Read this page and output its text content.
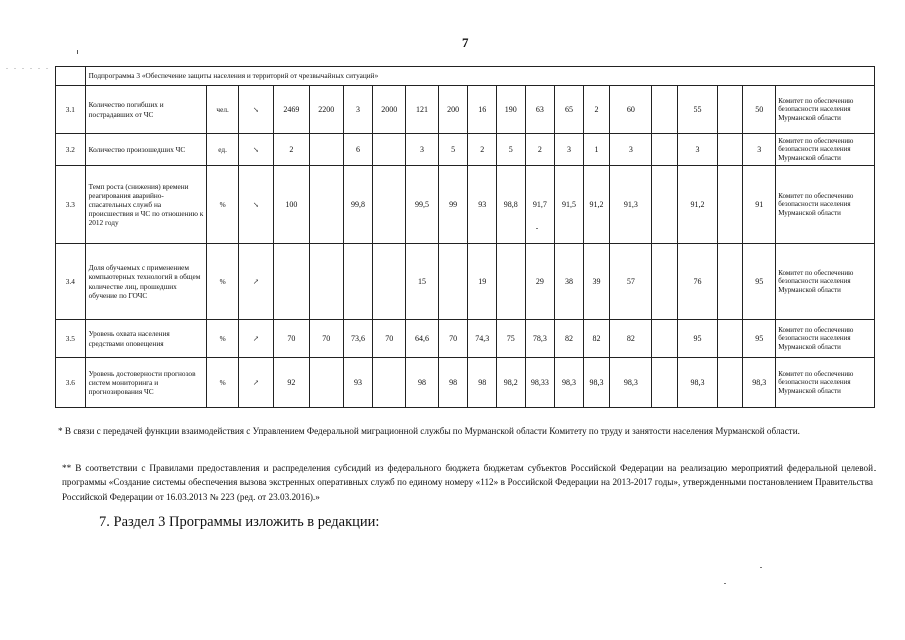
7
. . . . . .
	Подпрограмма 3 «Обеспечение защиты населения и территорий от чрезвычайных ситуаций»																			
3.1	Количество погибших и пострадавших от ЧС	чел.	↘	2469	2200	3	2000	121	200	16	190	63	65	2	60		55		50	Комитет по обеспечению безопасности населения Мурманской области
3.2	Количество произошедших ЧС	ед.	↘	2		6		3	5	2	5	2	3	1	3		3		3	Комитет по обеспечению безопасности населения Мурманской области
3.3	Темп роста (снижения) времени реагирования аварийно-спасательных служб на происшествия и ЧС по отношению к 2012 году	%	↘	100		99,8		99,5	99	93	98,8	91,7	91,5	91,2	91,3		91,2		91	Комитет по обеспечению безопасности населения Мурманской области
3.4	Доля обучаемых с применением компьютерных технологий в общем количестве лиц, прошедших обучение по ГОЧС	%	↗					15		19		29	38	39	57		76		95	Комитет по обеспечению безопасности населения Мурманской области
3.5	Уровень охвата населения средствами оповещения	%	↗	70	70	73,6	70	64,6	70	74,3	75	78,3	82	82	82		95		95	Комитет по обеспечению безопасности населения Мурманской области
3.6	Уровень достоверности прогнозов систем мониторинга и прогнозирования ЧС	%	↗	92		93		98	98	98	98,2	98,33	98,3	98,3	98,3		98,3		98,3	Комитет по обеспечению безопасности населения Мурманской области
* В связи с передачей функции взаимодействия с Управлением Федеральной миграционной службы по Мурманской области Комитету по труду и занятости населения Мурманской области.
** В соответствии с Правилами предоставления и распределения субсидий из федерального бюджета бюджетам субъектов Российской Федерации на реализацию мероприятий федеральной целевой программы «Создание системы обеспечения вызова экстренных оперативных служб по единому номеру «112» в Российской Федерации на 2013-2017 годы», утвержденными постановлением Правительства Российской Федерации от 16.03.2013 № 223 (ред. от 23.03.2016).»
7. Раздел 3 Программы изложить в редакции:
